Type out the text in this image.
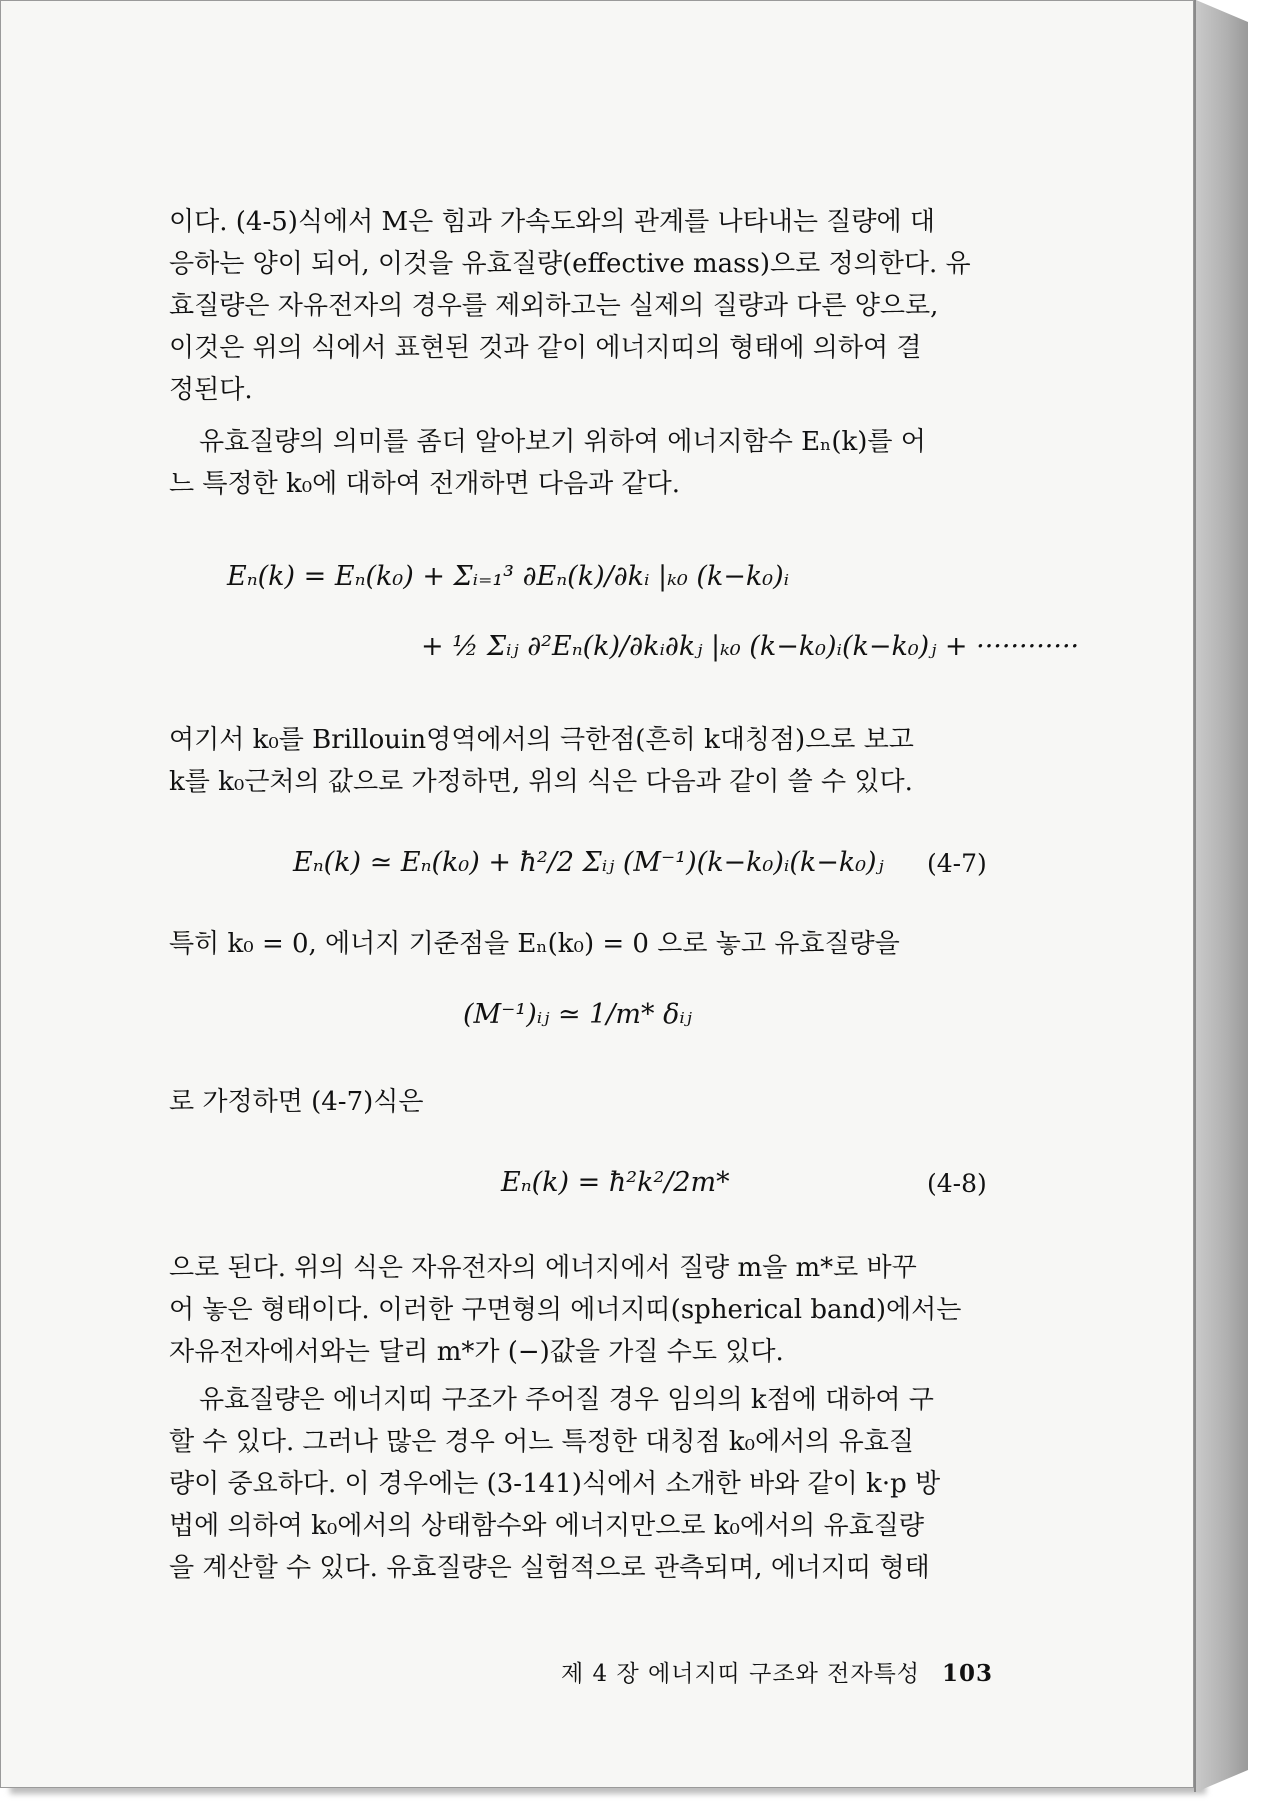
이다. (4-5)식에서 M은 힘과 가속도와의 관계를 나타내는 질량에 대
응하는 양이 되어, 이것을 유효질량(effective mass)으로 정의한다. 유
효질량은 자유전자의 경우를 제외하고는 실제의 질량과 다른 양으로,
이것은 위의 식에서 표현된 것과 같이 에너지띠의 형태에 의하여 결
정된다.
유효질량의 의미를 좀더 알아보기 위하여 에너지함수 Eₙ(k)를 어
느 특정한 k₀에 대하여 전개하면 다음과 같다.
Eₙ(k) = Eₙ(k₀) + Σᵢ₌₁³ ∂Eₙ(k)/∂kᵢ |ₖ₀ (k−k₀)ᵢ
+ ½ Σᵢⱼ ∂²Eₙ(k)/∂kᵢ∂kⱼ |ₖ₀ (k−k₀)ᵢ(k−k₀)ⱼ + ············
여기서 k₀를 Brillouin영역에서의 극한점(흔히 k대칭점)으로 보고
k를 k₀근처의 값으로 가정하면, 위의 식은 다음과 같이 쓸 수 있다.
Eₙ(k) ≃ Eₙ(k₀) + ħ²/2 Σᵢⱼ (M⁻¹)(k−k₀)ᵢ(k−k₀)ⱼ (4-7)
특히 k₀ = 0, 에너지 기준점을 Eₙ(k₀) = 0 으로 놓고 유효질량을
(M⁻¹)ᵢⱼ ≃ 1/m* δᵢⱼ
로 가정하면 (4-7)식은
Eₙ(k) = ħ²k²/2m*	(4-8)
으로 된다. 위의 식은 자유전자의 에너지에서 질량 m을 m*로 바꾸
어 놓은 형태이다. 이러한 구면형의 에너지띠(spherical band)에서는
자유전자에서와는 달리 m*가 (−)값을 가질 수도 있다.
유효질량은 에너지띠 구조가 주어질 경우 임의의 k점에 대하여 구
할 수 있다. 그러나 많은 경우 어느 특정한 대칭점 k₀에서의 유효질
량이 중요하다. 이 경우에는 (3-141)식에서 소개한 바와 같이 k·p 방
법에 의하여 k₀에서의 상태함수와 에너지만으로 k₀에서의 유효질량
을 계산할 수 있다. 유효질량은 실험적으로 관측되며, 에너지띠 형태
제 4 장 에너지띠 구조와 전자특성 103
